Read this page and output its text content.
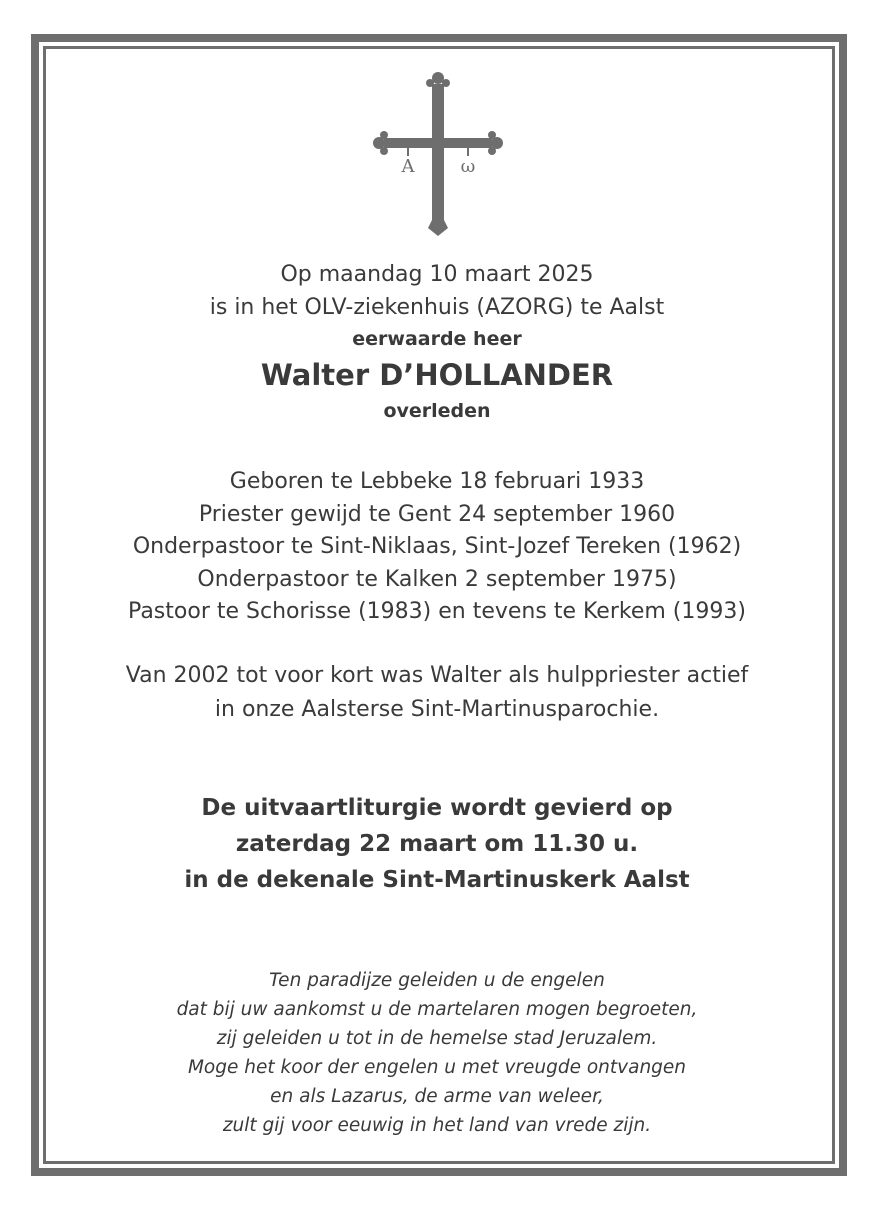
A	ω
Op maandag 10 maart 2025
is in het OLV-ziekenhuis (AZORG) te Aalst
eerwaarde heer
Walter D’HOLLANDER
overleden
Geboren te Lebbeke 18 februari 1933
Priester gewijd te Gent 24 september 1960
Onderpastoor te Sint-Niklaas, Sint-Jozef Tereken (1962)
Onderpastoor te Kalken 2 september 1975)
Pastoor te Schorisse (1983) en tevens te Kerkem (1993)
Van 2002 tot voor kort was Walter als hulppriester actief
in onze Aalsterse Sint-Martinusparochie.
De uitvaartliturgie wordt gevierd op
zaterdag 22 maart om 11.30 u.
in de dekenale Sint-Martinuskerk Aalst
Ten paradijze geleiden u de engelen
dat bij uw aankomst u de martelaren mogen begroeten,
zij geleiden u tot in de hemelse stad Jeruzalem.
Moge het koor der engelen u met vreugde ontvangen
en als Lazarus, de arme van weleer,
zult gij voor eeuwig in het land van vrede zijn.
